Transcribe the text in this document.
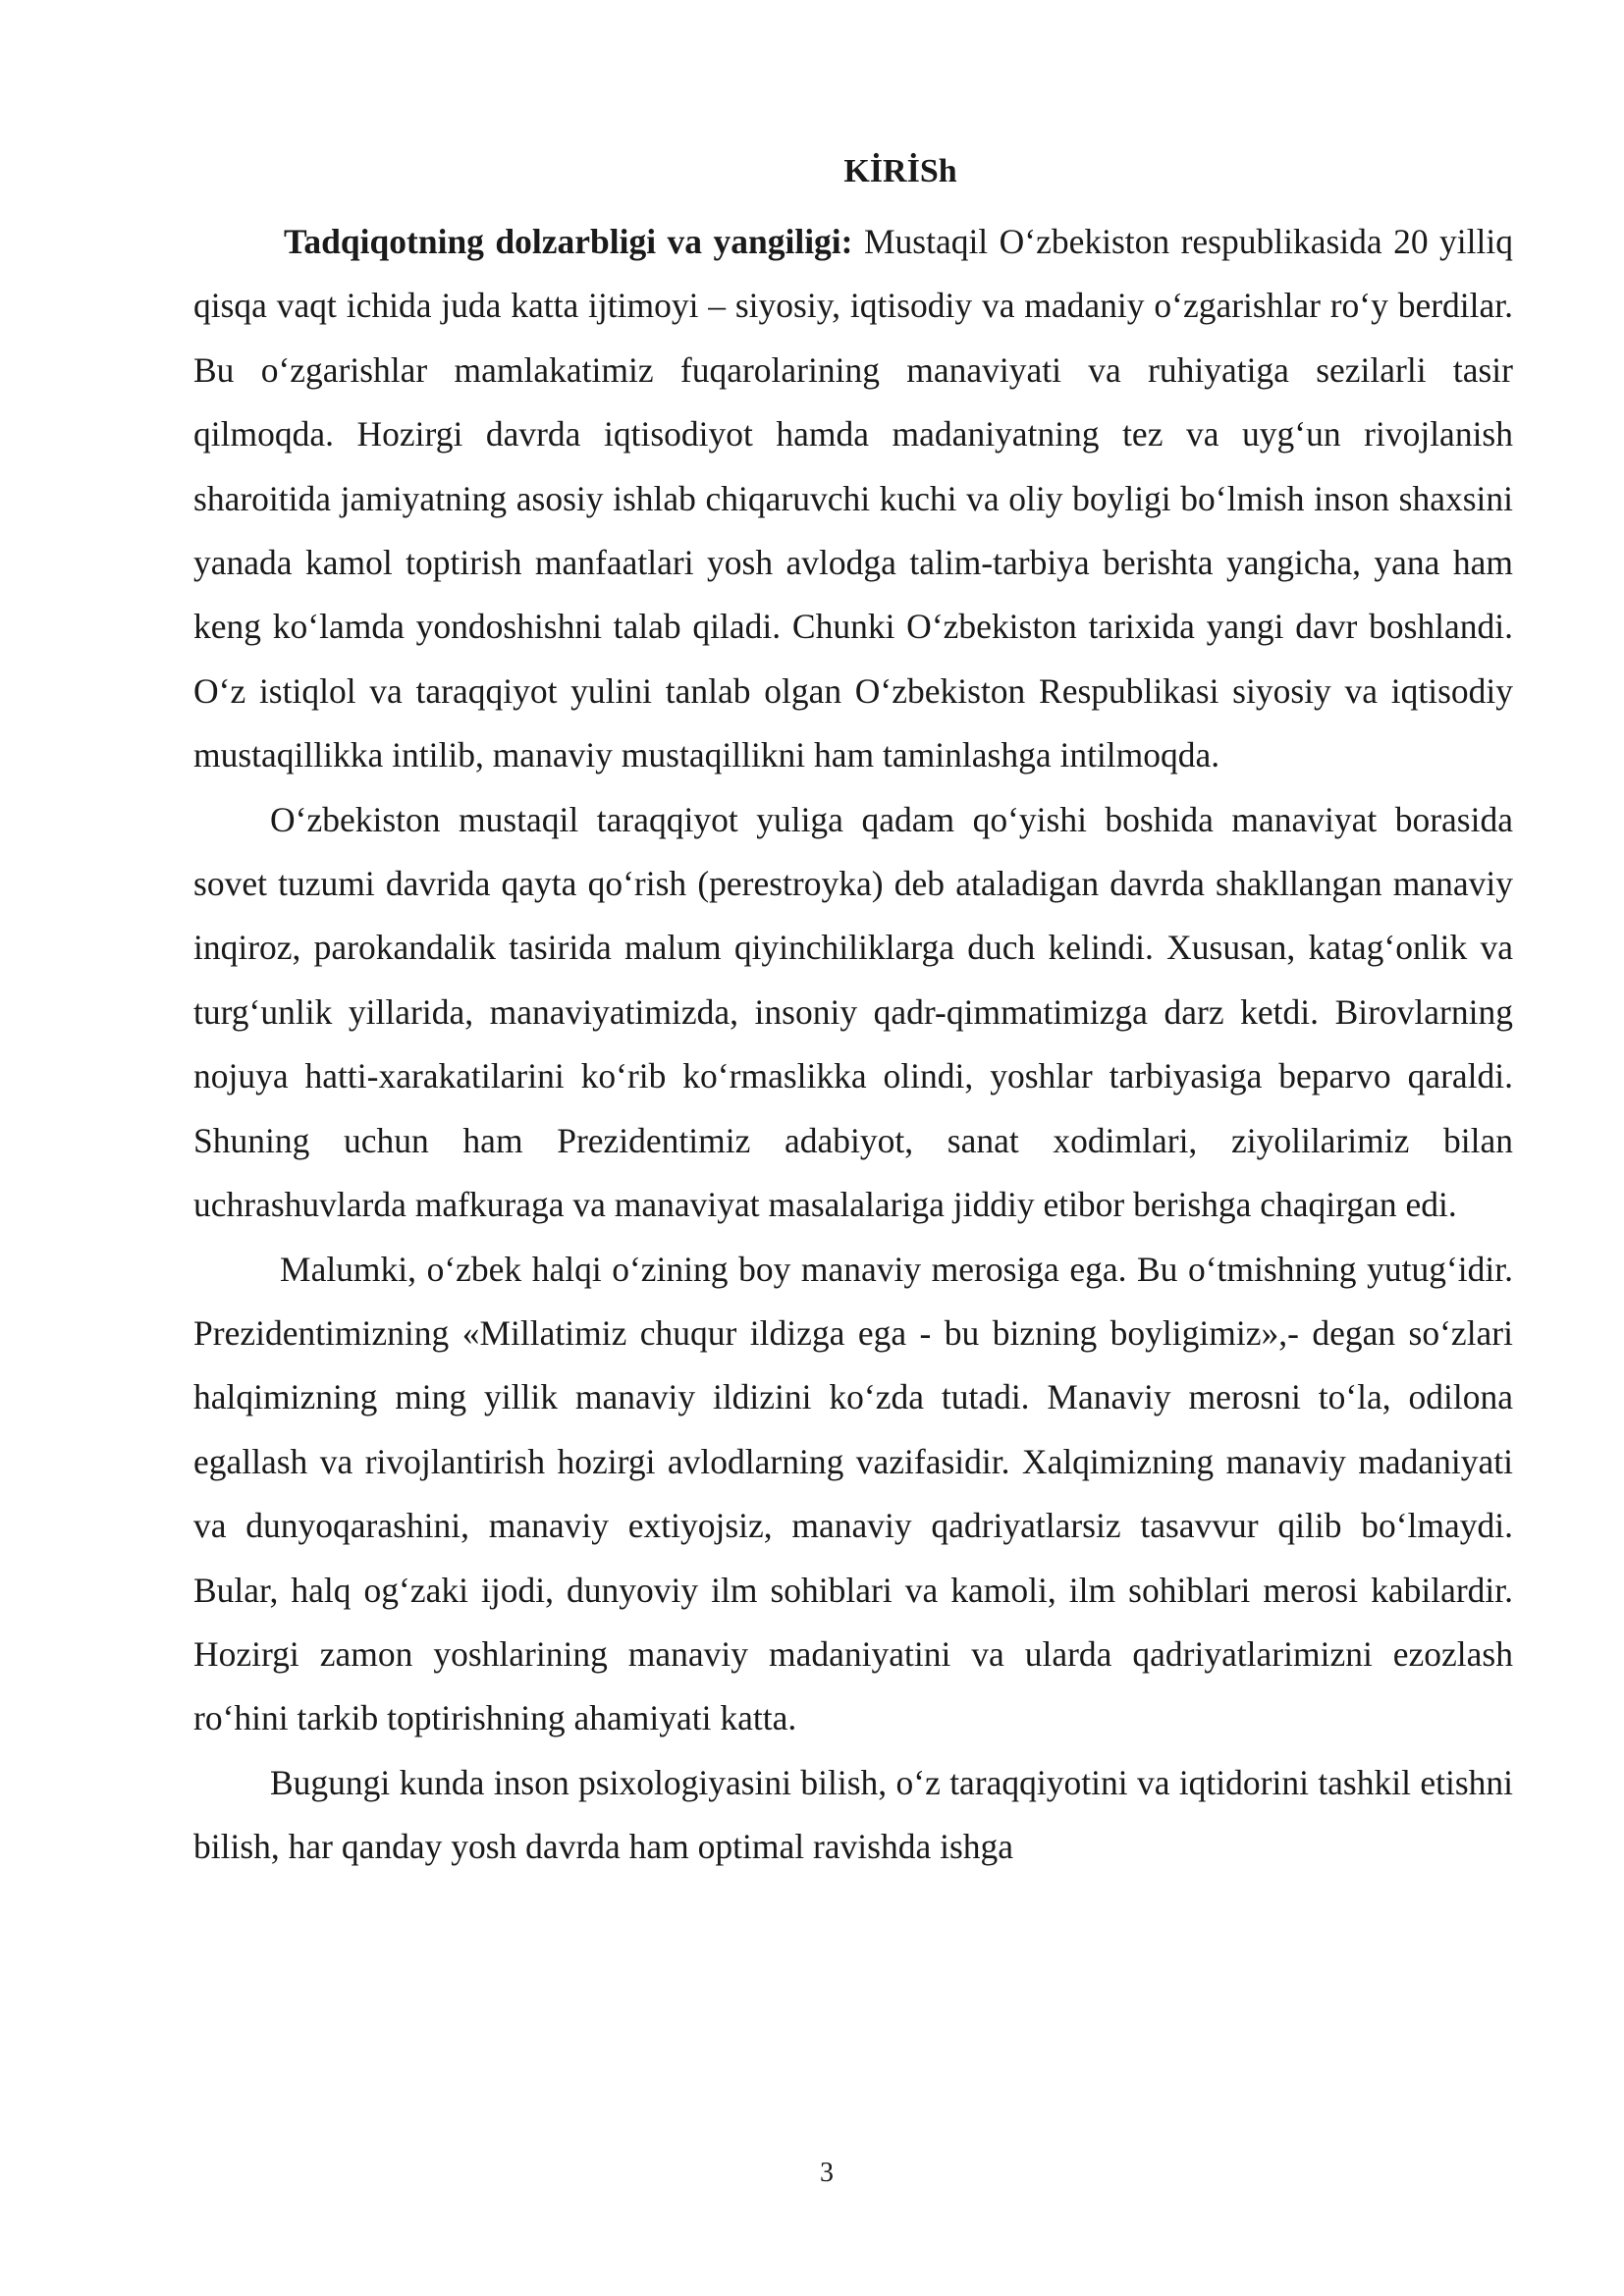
KİRİSh

Tadqiqotning dolzarbligi va yangiligi: Mustaqil O‘zbekiston respublikasida 20 yilliq qisqa vaqt ichida juda katta ijtimoyi – siyosiy, iqtisodiy va madaniy o‘zgarishlar ro‘y berdilar. Bu o‘zgarishlar mamlakatimiz fuqarolarining manaviyati va ruhiyatiga sezilarli tasir qilmoqda. Hozirgi davrda iqtisodiyot hamda madaniyatning tez va uyg‘un rivojlanish sharoitida jamiyatning asosiy ishlab chiqaruvchi kuchi va oliy boyligi bo‘lmish inson shaxsini yanada kamol toptirish manfaatlari yosh avlodga talim-tarbiya berishta yangicha, yana ham keng ko‘lamda yondoshishni talab qiladi. Chunki O‘zbekiston tarixida yangi davr boshlandi. O‘z istiqlol va taraqqiyot yulini tanlab olgan O‘zbekiston Respublikasi siyosiy va iqtisodiy mustaqillikka intilib, manaviy mustaqillikni ham taminlashga intilmoqda.

O‘zbekiston mustaqil taraqqiyot yuliga qadam qo‘yishi boshida manaviyat borasida sovet tuzumi davrida qayta qo‘rish (perestroyka) deb ataladigan davrda shakllangan manaviy inqiroz, parokandalik tasirida malum qiyinchiliklarga duch kelindi. Xususan, katag‘onlik va turg‘unlik yillarida, manaviyatimizda, insoniy qadr-qimmatimizga darz ketdi. Birovlarning nojuya hatti-xarakatilarini ko‘rib ko‘rmaslikka olindi, yoshlar tarbiyasiga beparvo qaraldi. Shuning uchun ham Prezidentimiz adabiyot, sanat xodimlari, ziyolilarimiz bilan uchrashuvlarda mafkuraga va manaviyat masalalariga jiddiy etibor berishga chaqirgan edi.

Malumki, o‘zbek halqi o‘zining boy manaviy merosiga ega. Bu o‘tmishning yutug‘idir. Prezidentimizning «Millatimiz chuqur ildizga ega - bu bizning boyligimiz»,- degan so‘zlari halqimizning ming yillik manaviy ildizini ko‘zda tutadi. Manaviy merosni to‘la, odilona egallash va rivojlantirish hozirgi avlodlarning vazifasidir. Xalqimizning manaviy madaniyati va dunyoqarashini, manaviy extiyojsiz, manaviy qadriyatlarsiz tasavvur qilib bo‘lmaydi. Bular, halq og‘zaki ijodi, dunyoviy ilm sohiblari va kamoli, ilm sohiblari merosi kabilardir. Hozirgi zamon yoshlarining manaviy madaniyatini va ularda qadriyatlarimizni ezozlash ro‘hini tarkib toptirishning ahamiyati katta.

Bugungi kunda inson psixologiyasini bilish, o‘z taraqqiyotini va iqtidorini tashkil etishni bilish, har qanday yosh davrda ham optimal ravishda ishga

3
